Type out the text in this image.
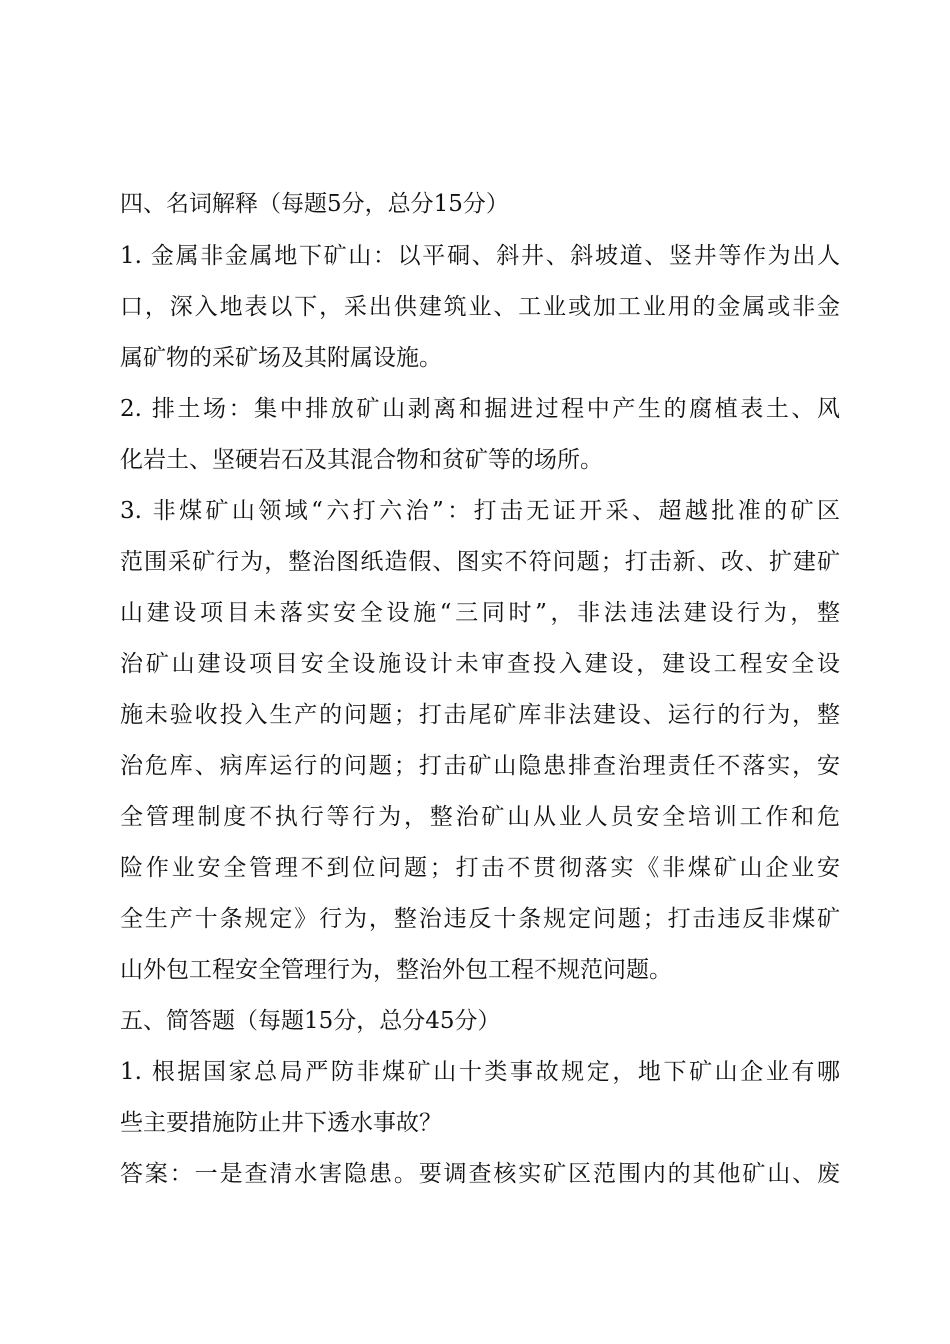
四、名词解释（每题5分，总分15分）
1. 金属非金属地下矿山：以平硐、斜井、斜坡道、竖井等作为出人
口，深入地表以下，采出供建筑业、工业或加工业用的金属或非金
属矿物的采矿场及其附属设施。
2. 排土场：集中排放矿山剥离和掘进过程中产生的腐植表土、风
化岩土、坚硬岩石及其混合物和贫矿等的场所。
3. 非煤矿山领域“六打六治”：打击无证开采、超越批准的矿区
范围采矿行为，整治图纸造假、图实不符问题；打击新、改、扩建矿
山建设项目未落实安全设施“三同时”，非法违法建设行为，整
治矿山建设项目安全设施设计未审查投入建设，建设工程安全设
施未验收投入生产的问题；打击尾矿库非法建设、运行的行为，整
治危库、病库运行的问题；打击矿山隐患排查治理责任不落实，安
全管理制度不执行等行为，整治矿山从业人员安全培训工作和危
险作业安全管理不到位问题；打击不贯彻落实《非煤矿山企业安
全生产十条规定》行为，整治违反十条规定问题；打击违反非煤矿
山外包工程安全管理行为，整治外包工程不规范问题。
五、简答题（每题15分，总分45分）
1. 根据国家总局严防非煤矿山十类事故规定，地下矿山企业有哪
些主要措施防止井下透水事故？
答案：一是查清水害隐患。要调查核实矿区范围内的其他矿山、废
